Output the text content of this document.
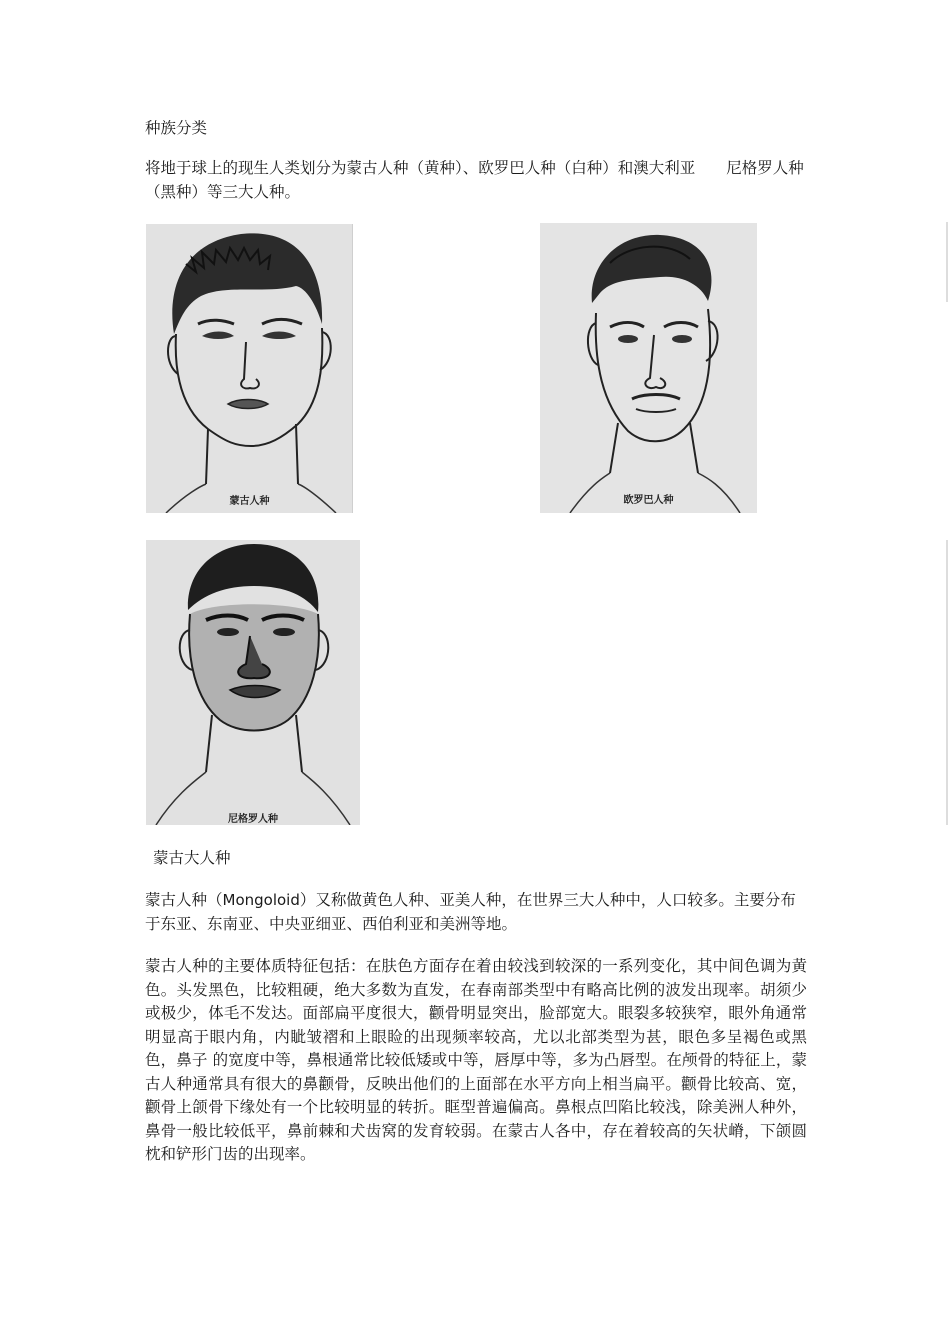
种族分类

将地于球上的现生人类划分为蒙古人种（黄种）、欧罗巴人种（白种）和澳大利亚　　尼格罗人种（黑种）等三大人种。

蒙古人种	欧罗巴人种
尼格罗人种

蒙古大人种

蒙古人种（Mongoloid）又称做黄色人种、亚美人种，在世界三大人种中，人口较多。主要分布于东亚、东南亚、中央亚细亚、西伯利亚和美洲等地。

蒙古人种的主要体质特征包括：在肤色方面存在着由较浅到较深的一系列变化，其中间色调为黄色。头发黑色，比较粗硬，绝大多数为直发，在春南部类型中有略高比例的波发出现率。胡须少或极少，体毛不发达。面部扁平度很大，颧骨明显突出，脸部宽大。眼裂多较狭窄，眼外角通常明显高于眼内角，内眦皱褶和上眼睑的出现频率较高，尤以北部类型为甚，眼色多呈褐色或黑色，鼻子 的宽度中等，鼻根通常比较低矮或中等，唇厚中等，多为凸唇型。在颅骨的特征上，蒙古人种通常具有很大的鼻颧骨，反映出他们的上面部在水平方向上相当扁平。颧骨比较高、宽，颧骨上颌骨下缘处有一个比较明显的转折。眶型普遍偏高。鼻根点凹陷比较浅，除美洲人种外，鼻骨一般比较低平，鼻前棘和犬齿窝的发育较弱。在蒙古人各中，存在着较高的矢状嵴，下颌圆枕和铲形门齿的出现率。
